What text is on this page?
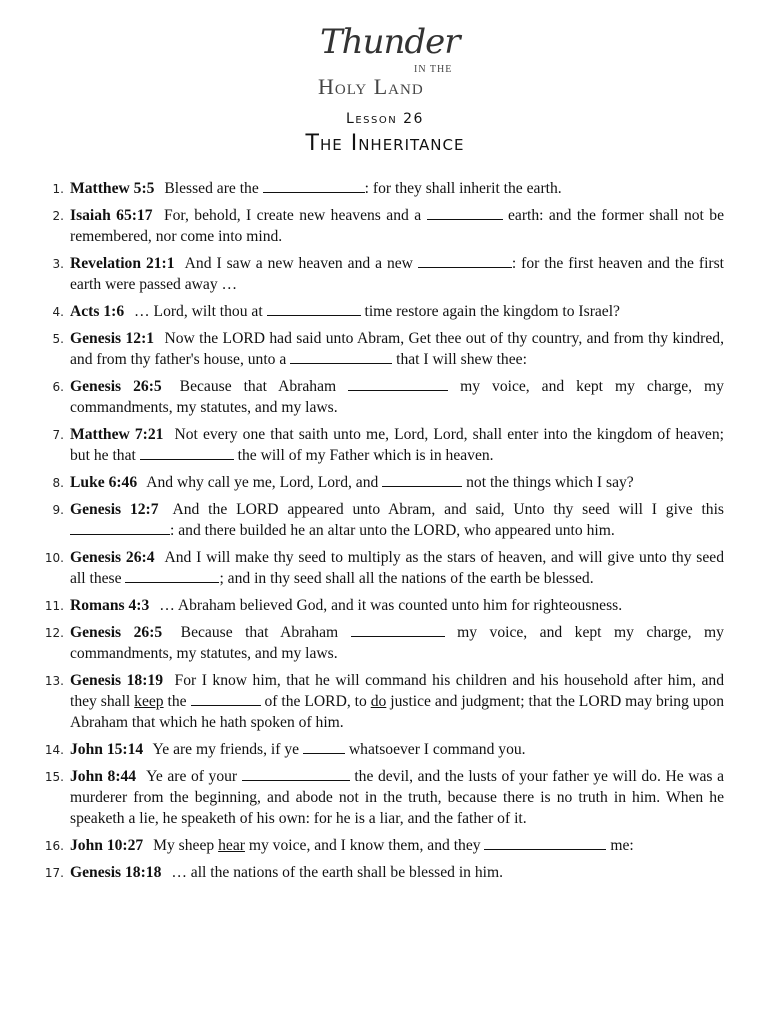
Thunder
IN THE
Holy Land
Lesson 26
The Inheritance
1. Matthew 5:5 Blessed are the	: for they shall inherit the earth.
2. Isaiah 65:17 For, behold, I create new heavens and a	earth: and the former shall not be remembered, nor come into mind.
3. Revelation 21:1 And I saw a new heaven and a new	: for the first heaven and the first earth were passed away …
4. Acts 1:6 … Lord, wilt thou at	time restore again the kingdom to Israel?
5. Genesis 12:1 Now the LORD had said unto Abram, Get thee out of thy country, and from thy kindred, and from thy father's house, unto a	that I will shew thee:
6. Genesis 26:5 Because that Abraham	my voice, and kept my charge, my commandments, my statutes, and my laws.
7. Matthew 7:21 Not every one that saith unto me, Lord, Lord, shall enter into the kingdom of heaven; but he that	the will of my Father which is in heaven.
8. Luke 6:46 And why call ye me, Lord, Lord, and	not the things which I say?
9. Genesis 12:7 And the LORD appeared unto Abram, and said, Unto thy seed will I give this : and there builded he an altar unto the LORD, who appeared unto him.
10. Genesis 26:4 And I will make thy seed to multiply as the stars of heaven, and will give unto thy seed all these	; and in thy seed shall all the nations of the earth be blessed.
11. Romans 4:3 … Abraham believed God, and it was counted unto him for righteousness.
12. Genesis 26:5 Because that Abraham	my voice, and kept my charge, my commandments, my statutes, and my laws.
13. Genesis 18:19 For I know him, that he will command his children and his household after him, and they shall keep the	of the LORD, to do justice and judgment; that the LORD may bring upon Abraham that which he hath spoken of him.
14. John 15:14 Ye are my friends, if ye	whatsoever I command you.
15. John 8:44 Ye are of your	the devil, and the lusts of your father ye will do. He was a murderer from the beginning, and abode not in the truth, because there is no truth in him. When he speaketh a lie, he speaketh of his own: for he is a liar, and the father of it.
16. John 10:27 My sheep hear my voice, and I know them, and they	me:
17. Genesis 18:18 … all the nations of the earth shall be blessed in him.
